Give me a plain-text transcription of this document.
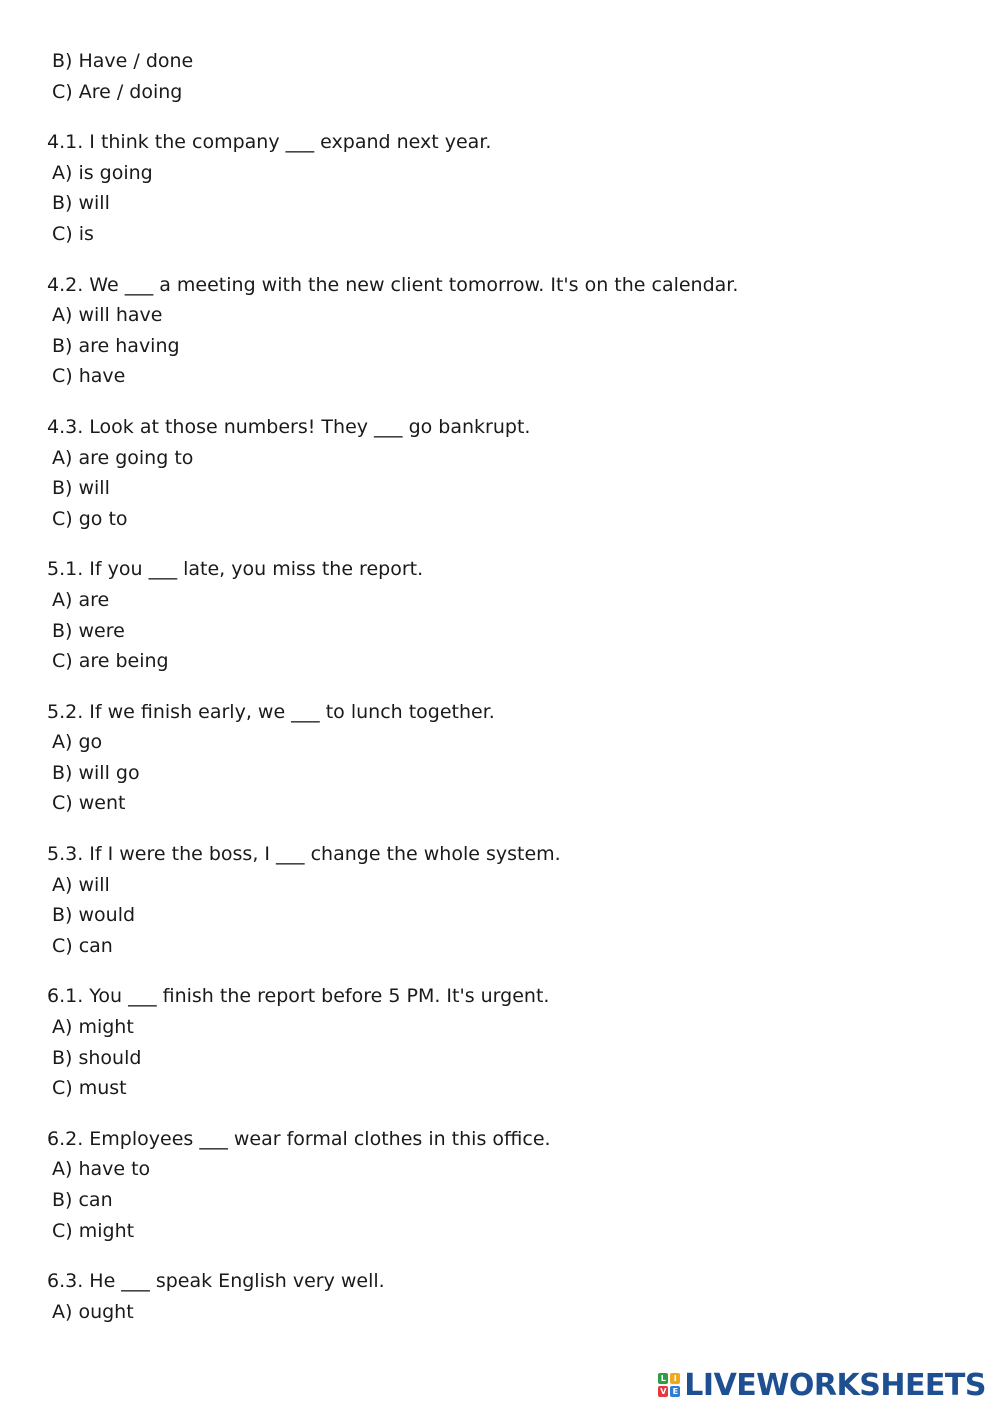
B) Have / done
C) Are / doing
4.1. I think the company ___ expand next year.
A) is going
B) will
C) is
4.2. We ___ a meeting with the new client tomorrow. It's on the calendar.
A) will have
B) are having
C) have
4.3. Look at those numbers! They ___ go bankrupt.
A) are going to
B) will
C) go to
5.1. If you ___ late, you miss the report.
A) are
B) were
C) are being
5.2. If we finish early, we ___ to lunch together.
A) go
B) will go
C) went
5.3. If I were the boss, I ___ change the whole system.
A) will
B) would
C) can
6.1. You ___ finish the report before 5 PM. It's urgent.
A) might
B) should
C) must
6.2. Employees ___ wear formal clothes in this office.
A) have to
B) can
C) might
6.3. He ___ speak English very well.
A) ought
L I
V E LIVEWORKSHEETS
